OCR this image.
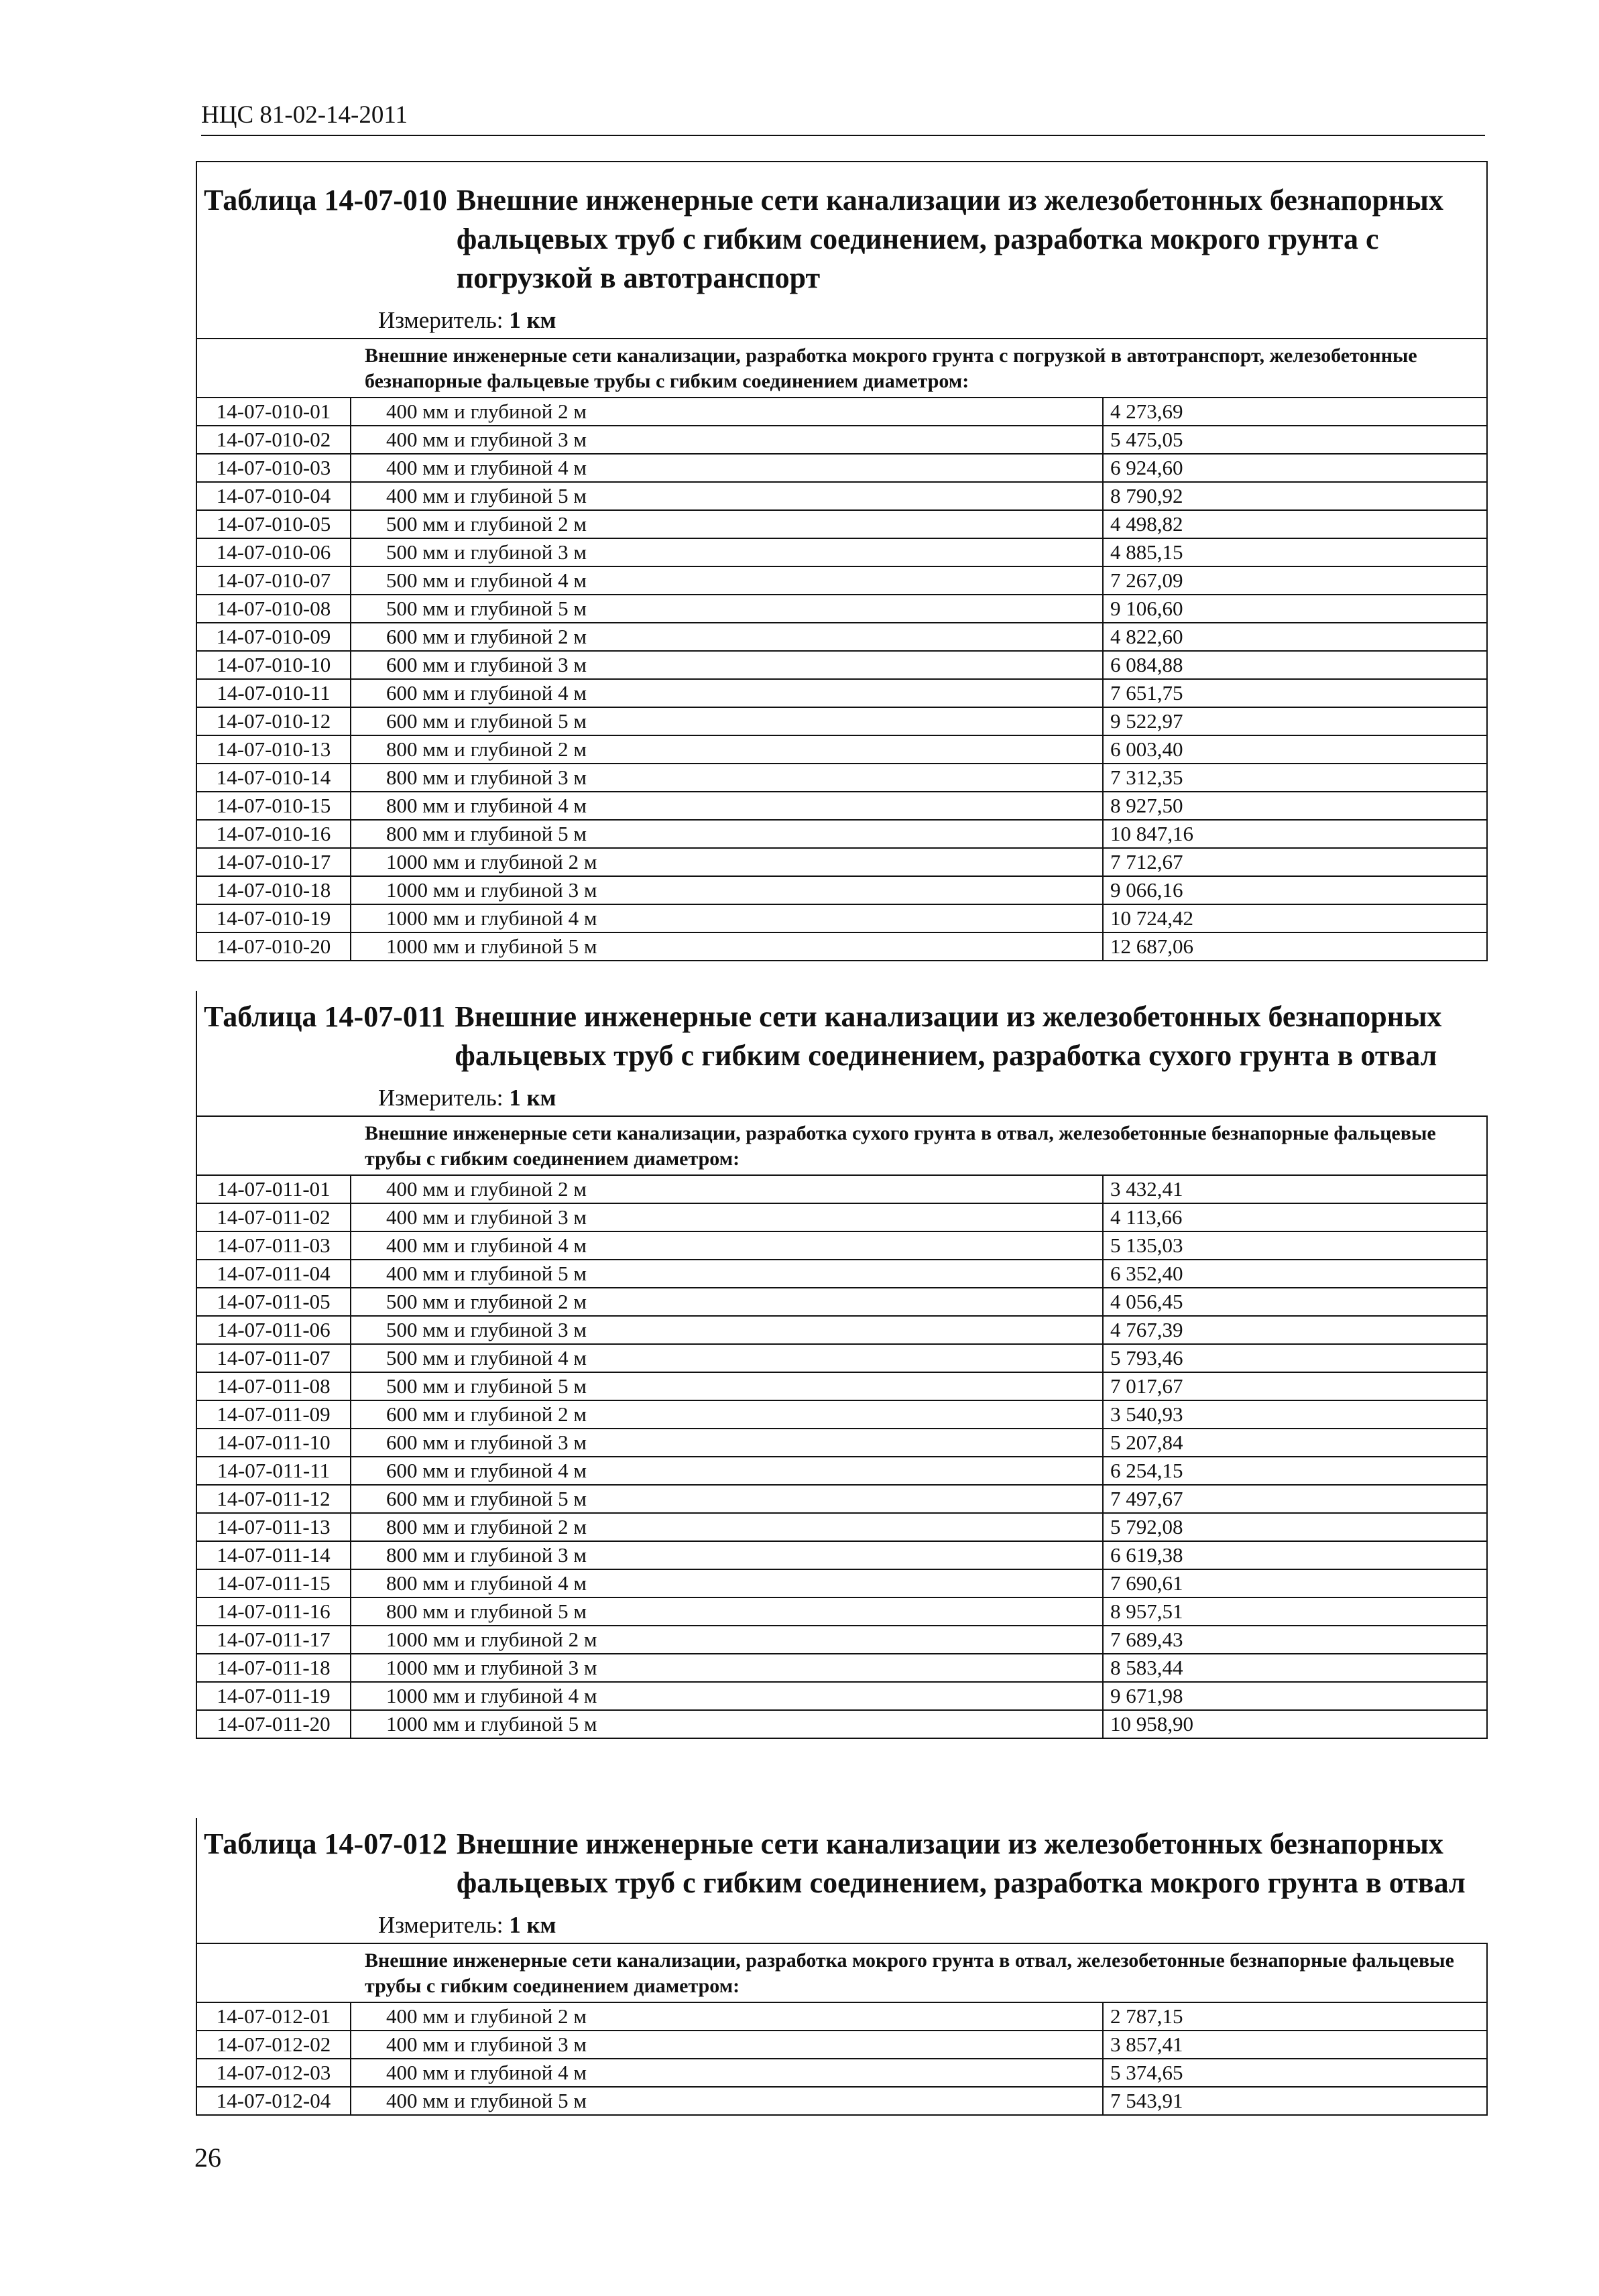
НЦС 81-02-14-2011
Таблица 14-07-010 Внешние инженерные сети канализации из железобетонных безнапорных фальцевых труб с гибким соединением, разработка мокрого грунта с погрузкой в автотранспорт
Измеритель: 1 км
Внешние инженерные сети канализации, разработка мокрого грунта с погрузкой в автотранспорт, железобетонные безнапорные фальцевые трубы с гибким соединением диаметром:		
14-07-010-01	400 мм и глубиной 2 м	4 273,69
14-07-010-02	400 мм и глубиной 3 м	5 475,05
14-07-010-03	400 мм и глубиной 4 м	6 924,60
14-07-010-04	400 мм и глубиной 5 м	8 790,92
14-07-010-05	500 мм и глубиной 2 м	4 498,82
14-07-010-06	500 мм и глубиной 3 м	4 885,15
14-07-010-07	500 мм и глубиной 4 м	7 267,09
14-07-010-08	500 мм и глубиной 5 м	9 106,60
14-07-010-09	600 мм и глубиной 2 м	4 822,60
14-07-010-10	600 мм и глубиной 3 м	6 084,88
14-07-010-11	600 мм и глубиной 4 м	7 651,75
14-07-010-12	600 мм и глубиной 5 м	9 522,97
14-07-010-13	800 мм и глубиной 2 м	6 003,40
14-07-010-14	800 мм и глубиной 3 м	7 312,35
14-07-010-15	800 мм и глубиной 4 м	8 927,50
14-07-010-16	800 мм и глубиной 5 м	10 847,16
14-07-010-17	1000 мм и глубиной 2 м	7 712,67
14-07-010-18	1000 мм и глубиной 3 м	9 066,16
14-07-010-19	1000 мм и глубиной 4 м	10 724,42
14-07-010-20	1000 мм и глубиной 5 м	12 687,06
Таблица 14-07-011 Внешние инженерные сети канализации из железобетонных безнапорных фальцевых труб с гибким соединением, разработка сухого грунта в отвал
Измеритель: 1 км
Внешние инженерные сети канализации, разработка сухого грунта в отвал, железобетонные безнапорные фальцевые трубы с гибким соединением диаметром:		
14-07-011-01	400 мм и глубиной 2 м	3 432,41
14-07-011-02	400 мм и глубиной 3 м	4 113,66
14-07-011-03	400 мм и глубиной 4 м	5 135,03
14-07-011-04	400 мм и глубиной 5 м	6 352,40
14-07-011-05	500 мм и глубиной 2 м	4 056,45
14-07-011-06	500 мм и глубиной 3 м	4 767,39
14-07-011-07	500 мм и глубиной 4 м	5 793,46
14-07-011-08	500 мм и глубиной 5 м	7 017,67
14-07-011-09	600 мм и глубиной 2 м	3 540,93
14-07-011-10	600 мм и глубиной 3 м	5 207,84
14-07-011-11	600 мм и глубиной 4 м	6 254,15
14-07-011-12	600 мм и глубиной 5 м	7 497,67
14-07-011-13	800 мм и глубиной 2 м	5 792,08
14-07-011-14	800 мм и глубиной 3 м	6 619,38
14-07-011-15	800 мм и глубиной 4 м	7 690,61
14-07-011-16	800 мм и глубиной 5 м	8 957,51
14-07-011-17	1000 мм и глубиной 2 м	7 689,43
14-07-011-18	1000 мм и глубиной 3 м	8 583,44
14-07-011-19	1000 мм и глубиной 4 м	9 671,98
14-07-011-20	1000 мм и глубиной 5 м	10 958,90
Таблица 14-07-012 Внешние инженерные сети канализации из железобетонных безнапорных фальцевых труб с гибким соединением, разработка мокрого грунта в отвал
Измеритель: 1 км
Внешние инженерные сети канализации, разработка мокрого грунта в отвал, железобетонные безнапорные фальцевые трубы с гибким соединением диаметром:		
14-07-012-01	400 мм и глубиной 2 м	2 787,15
14-07-012-02	400 мм и глубиной 3 м	3 857,41
14-07-012-03	400 мм и глубиной 4 м	5 374,65
14-07-012-04	400 мм и глубиной 5 м	7 543,91
26
